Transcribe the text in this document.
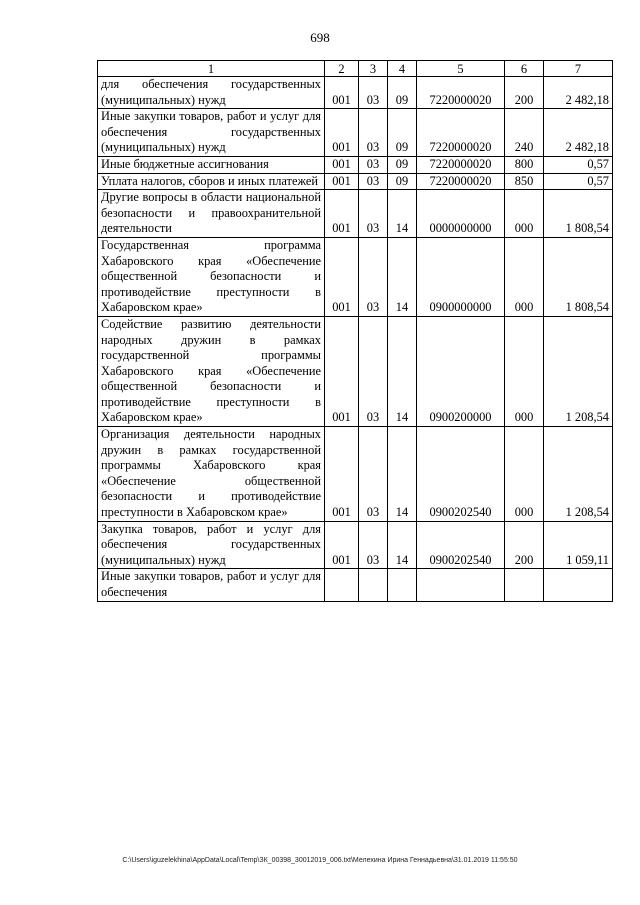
698
1	2	3	4	5	6	7
для обеспечения государственных (муниципальных) нужд	001	03	09	7220000020	200	2 482,18
Иные закупки товаров, работ и услуг для обеспечения государственных (муниципальных) нужд	001	03	09	7220000020	240	2 482,18
Иные бюджетные ассигнования	001	03	09	7220000020	800	0,57
Уплата налогов, сборов и иных платежей	001	03	09	7220000020	850	0,57
Другие вопросы в области национальной безопасности и правоохранительной деятельности	001	03	14	0000000000	000	1 808,54
Государственная программа Хабаровского края «Обеспечение общественной безопасности и противодействие преступности в Хабаровском крае»	001	03	14	0900000000	000	1 808,54
Содействие развитию деятельности народных дружин в рамках государственной программы Хабаровского края «Обеспечение общественной безопасности и противодействие преступности в Хабаровском крае»	001	03	14	0900200000	000	1 208,54
Организация деятельности народных дружин в рамках государственной программы Хабаровского края «Обеспечение общественной безопасности и противодействие преступности в Хабаровском крае»	001	03	14	0900202540	000	1 208,54
Закупка товаров, работ и услуг для обеспечения государственных (муниципальных) нужд	001	03	14	0900202540	200	1 059,11
Иные закупки товаров, работ и услуг для обеспечения						
C:\Users\iguzelekhina\AppData\Local\Temp\ЗК_00398_30012019_006.txt\Мелехина Ирина Геннадьевна\31.01.2019 11:55:50
